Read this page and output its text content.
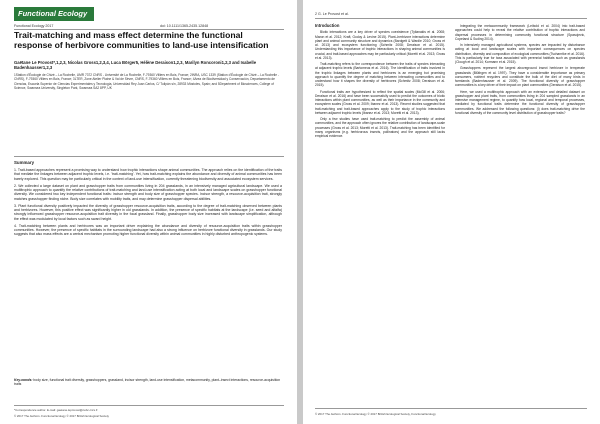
Functional Ecology
Functional Ecology 2017	doi: 10.1111/1365-2435.12848
Trait-matching and mass effect determine the functional response of herbivore communities to land-use intensification
Gaëtane Le Provost*,1,2,3, Nicolas Gross1,2,3,4, Luca Börger5, Hélène Deraison1,2,3, Marilyn Roncoroni1,2,3 and Isabelle Badenhausser1,2,3
1Station d'Écologie de Chizé – La Rochelle, UMR 7372 CNRS - Université de La Rochelle, F-79360 Villiers en Bois, France; 2INRA, USC 1339 (Station d'Écologie de Chizé – La Rochelle - CNRS), F-79360 Villiers en Bois, France; 3LTER, Zone Atelier Plaine & Val de Sèvre, CNRS, F-79360 Villiers en Bois, France; 4Area de Biodiversidad y Conservación, Departamento de Ciencias, Escuela Superior de Ciencias Experimentales y Tecnología, Universidad Rey Juan Carlos, C/ Tulipán s/n, 28933 Móstoles, Spain; and 5Department of Biosciences, College of Science, Swansea University, Singleton Park, Swansea SA2 8PP, UK
Summary

1. Trait-based approaches represent a promising way to understand how trophic interactions shape animal communities. The approach relies on the identification of the traits that mediate the linkages between adjacent trophic levels, i.e. 'trait-matching'. Yet, how trait-matching explains the abundance and diversity of animal communities has been barely explored. This question may be particularly critical in the context of land-use intensification, currently threatening biodiversity and associated ecosystem services.

2. We collected a large dataset on plant and grasshopper traits from communities living in 204 grasslands, in an intensively managed agricultural landscape. We used a multitrophic approach to quantify the relative contributions of trait-matching and land-use intensification acting at both local and landscape scales on grasshopper functional diversity. We considered two key independent functional traits: incisor strength and body size of grasshopper species. Incisor strength, a resource-acquisition trait, strongly matches grasshopper finding niche. Body size correlates with mobility traits, and may determine grasshopper dispersal abilities.

3. Plant functional diversity positively impacted the diversity of grasshopper resource-acquisition traits, according to the degree of trait-matching observed between plants and herbivores. However, this positive effect was significantly higher in old grasslands. In addition, the presence of specific habitats at the landscape (i.e. seed and alfalfa) strongly influenced grasshopper resource-acquisition trait diversity in the focal grassland. Finally, grasshopper body size increased with landscape simplification, although the effect was modulated by local factors such as sward height.

4. Trait-matching between plants and herbivores was an important driver explaining the abundance and diversity of resource-acquisition traits within grasshopper communities. However, the presence of specific habitats in the surrounding landscape had also a strong influence on herbivore functional diversity in grasslands. Our study suggests that also mass effects are a central mechanism promoting higher functional diversity within animal communities in highly disturbed anthropogenic systems.

Key-words: body size, functional trait diversity, grasshoppers, grassland, incisor strength, land-use intensification, metacommunity, plant–insect interactions, resource-acquisition traits
*Correspondence author. E-mail: gaetane.leprovost@cebc.cnrs.fr
© 2017 The Authors. Functional Ecology © 2017 British Ecological Society
2 G. Le Provost et al.
Introduction

Biotic interactions are a key driver of species coexistence (Tylianakis et al. 2008; Maron et al. 2012; Kraft, Godoy & Levine 2015). Plant–herbivore interactions determine plant and animal community structure and dynamics (Bardgett & Wardle 2010; Gross et al. 2013) and ecosystem functioning (Schmitz 2008; Deraison et al. 2015). Understanding this importance of trophic interactions in shaping animal communities is crucial, and trait-based approaches may be particularly critical (Moretti et al. 2013; Gross et al. 2013).

Trait-matching refers to the correspondence between the traits of species interacting at adjacent trophic levels (Bartomeus et al. 2016). The identification of traits involved in the trophic linkages between plants and herbivores is an emerging but promising approach to quantify the degree of matching between interacting communities and to understand how it shapes the diversity of herbivores (Schmitz 2008; Deraison et al. 2015).

Functional traits are hypothesized to reflect the spatial scales (McGill et al. 2006; Deraison et al. 2016) and have been successfully used to predict the outcomes of biotic interactions within plant communities, as well as their importance in the community and ecosystem scales (Gross et al. 2009; Ibanez et al. 2013). Recent studies suggested that trait-matching and trait-based approaches apply to the study of trophic interactions between adjacent trophic levels (Ibanez et al. 2013; Moretti et al. 2013).

Only a few studies have used trait-matching to predict the assembly of animal communities, and the approach often ignores the relative contribution of landscape-scale processes (Gross et al. 2013; Moretti et al. 2013). Trait-matching has been identified for many organisms (e.g. herbivorous insects, pollinators) and the approach still lacks empirical evidence.

Integrating the metacommunity framework (Leibold et al. 2004) into trait-based approaches could help to reveal the relative contribution of trophic interactions and dispersal processes in determining community functional structure (Spasojevic, Copeland & Suding 2014).

In intensively managed agricultural systems, species are impacted by disturbance acting at local and landscape scales with important consequences on species distribution, diversity and composition of ecological communities (Tscharntke et al. 2016). This is particularly true for taxa associated with perennial habitats such as grasslands (Clough et al. 2014; Kormann et al. 2015).

Grasshoppers represent the largest aboveground insect herbivore in temperate grasslands (Blüthgen et al. 1997). They have a considerable importance as primary consumers, nutrient recyclers and constitute the bulk of the diet of many birds in farmlands (Badenhausser et al. 2009). The functional diversity of grasshopper communities is a key driver of their impact on plant communities (Deraison et al. 2015).

Here, we used a multitrophic approach with an extensive and detailed dataset on grasshopper and plant traits, from communities living in 204 sampled grasslands in an intensive management regime, to quantify how local, regional and temporal processes, mediated by functional traits determine the functional diversity of grasshopper communities. We addressed the following questions: (i) does trait-matching drive the functional diversity of the community level distribution of grasshopper traits?

© 2017 The Authors. Functional Ecology © 2017 British Ecological Society, Functional Ecology
